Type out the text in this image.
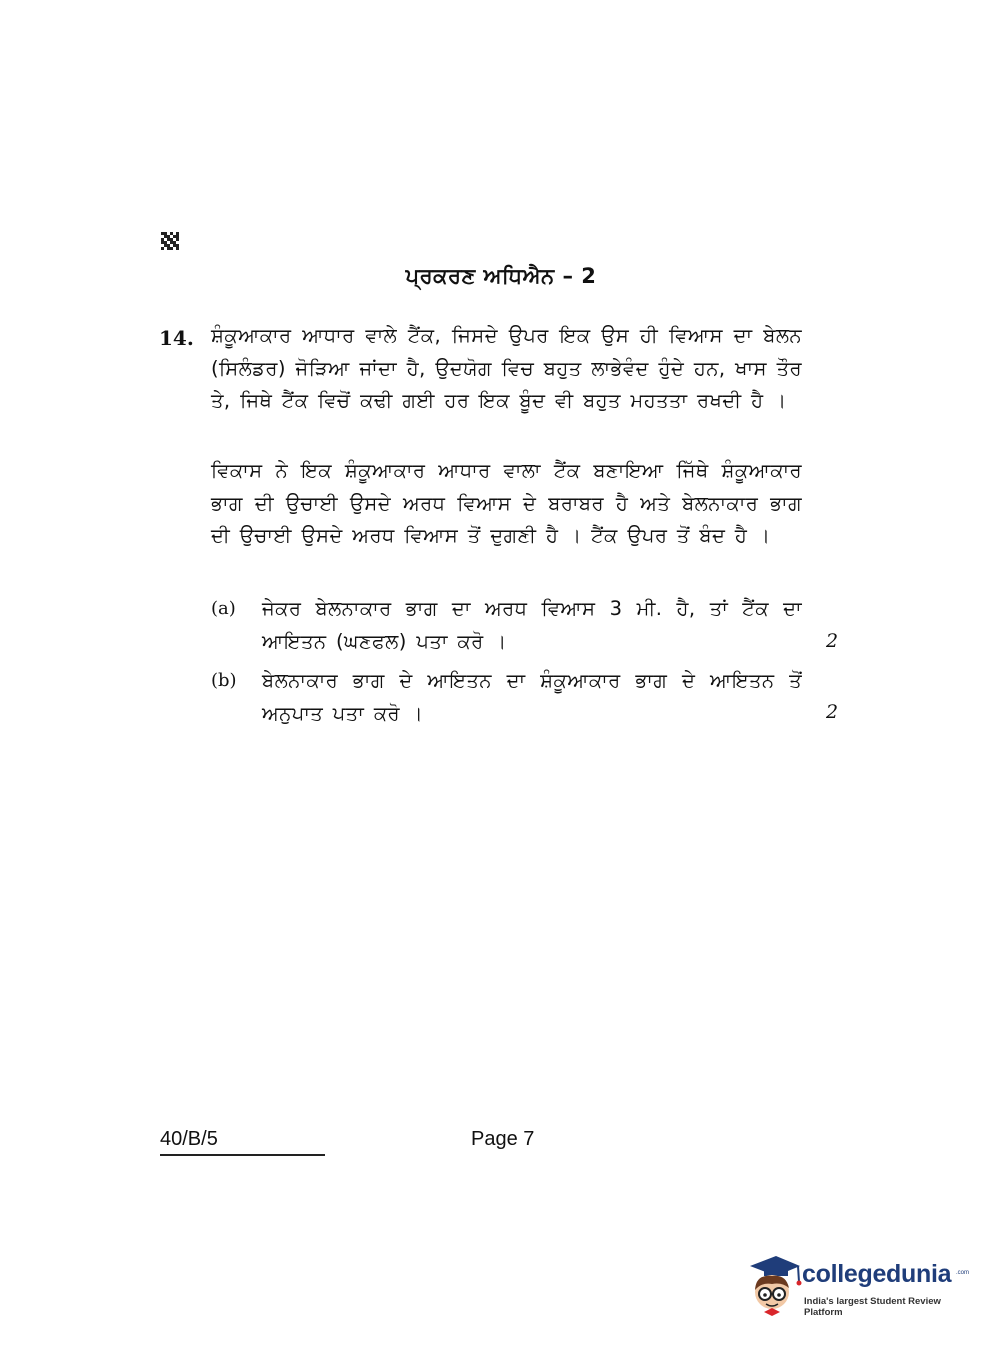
ਪ੍ਰਕਰਣ ਅਧਿਐਨ – 2
14. ਸ਼ੰਕੂਆਕਾਰ ਆਧਾਰ ਵਾਲੇ ਟੈਂਕ, ਜਿਸਦੇ ਉਪਰ ਇਕ ਉਸ ਹੀ ਵਿਆਸ ਦਾ ਬੇਲਨ (ਸਿਲੰਡਰ) ਜੋੜਿਆ ਜਾਂਦਾ ਹੈ, ਉਦਯੋਗ ਵਿਚ ਬਹੁਤ ਲਾਭੇਵੰਦ ਹੁੰਦੇ ਹਨ, ਖਾਸ ਤੌਰ ਤੇ, ਜਿਥੇ ਟੈਂਕ ਵਿਚੋਂ ਕਢੀ ਗਈ ਹਰ ਇਕ ਬੂੰਦ ਵੀ ਬਹੁਤ ਮਹਤਤਾ ਰਖਦੀ ਹੈ ।

ਵਿਕਾਸ ਨੇ ਇਕ ਸ਼ੰਕੂਆਕਾਰ ਆਧਾਰ ਵਾਲਾ ਟੈਂਕ ਬਣਾਇਆ ਜਿੱਥੇ ਸ਼ੰਕੂਆਕਾਰ ਭਾਗ ਦੀ ਉਚਾਈ ਉਸਦੇ ਅਰਧ ਵਿਆਸ ਦੇ ਬਰਾਬਰ ਹੈ ਅਤੇ ਬੇਲਨਾਕਾਰ ਭਾਗ ਦੀ ਉਚਾਈ ਉਸਦੇ ਅਰਧ ਵਿਆਸ ਤੋਂ ਦੁਗਣੀ ਹੈ । ਟੈਂਕ ਉਪਰ ਤੋਂ ਬੰਦ ਹੈ ।

(a) ਜੇਕਰ ਬੇਲਨਾਕਾਰ ਭਾਗ ਦਾ ਅਰਧ ਵਿਆਸ 3 ਮੀ. ਹੈ, ਤਾਂ ਟੈਂਕ ਦਾ ਆਇਤਨ (ਘਣਫਲ) ਪਤਾ ਕਰੋ ।	2
(b) ਬੇਲਨਾਕਾਰ ਭਾਗ ਦੇ ਆਇਤਨ ਦਾ ਸ਼ੰਕੂਆਕਾਰ ਭਾਗ ਦੇ ਆਇਤਨ ਤੋਂ ਅਨੁਪਾਤ ਪਤਾ ਕਰੋ ।	2
40/B/5	Page 7
collegedunia .com
India's largest Student Review Platform
